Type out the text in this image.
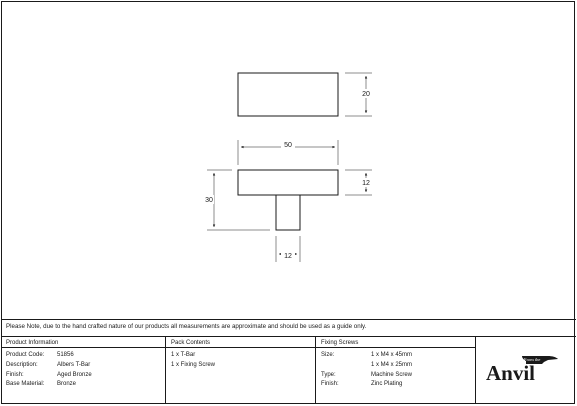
20
50
12
30
12
Please Note, due to the hand crafted nature of our products all measurements are approximate and should be used as a guide only.
Product Information
Product Code: 51856
Description:	Albers T-Bar
Finish:	Aged Bronze
Base Material: Bronze
Pack Contents
1 x T-Bar
1 x Fixing Screw
Fixing Screws
Size:	1 x M4 x 45mm
1 x M4 x 25mm
Type:	Machine Screw
Finish:	Zinc Plating
From the
Anvil
